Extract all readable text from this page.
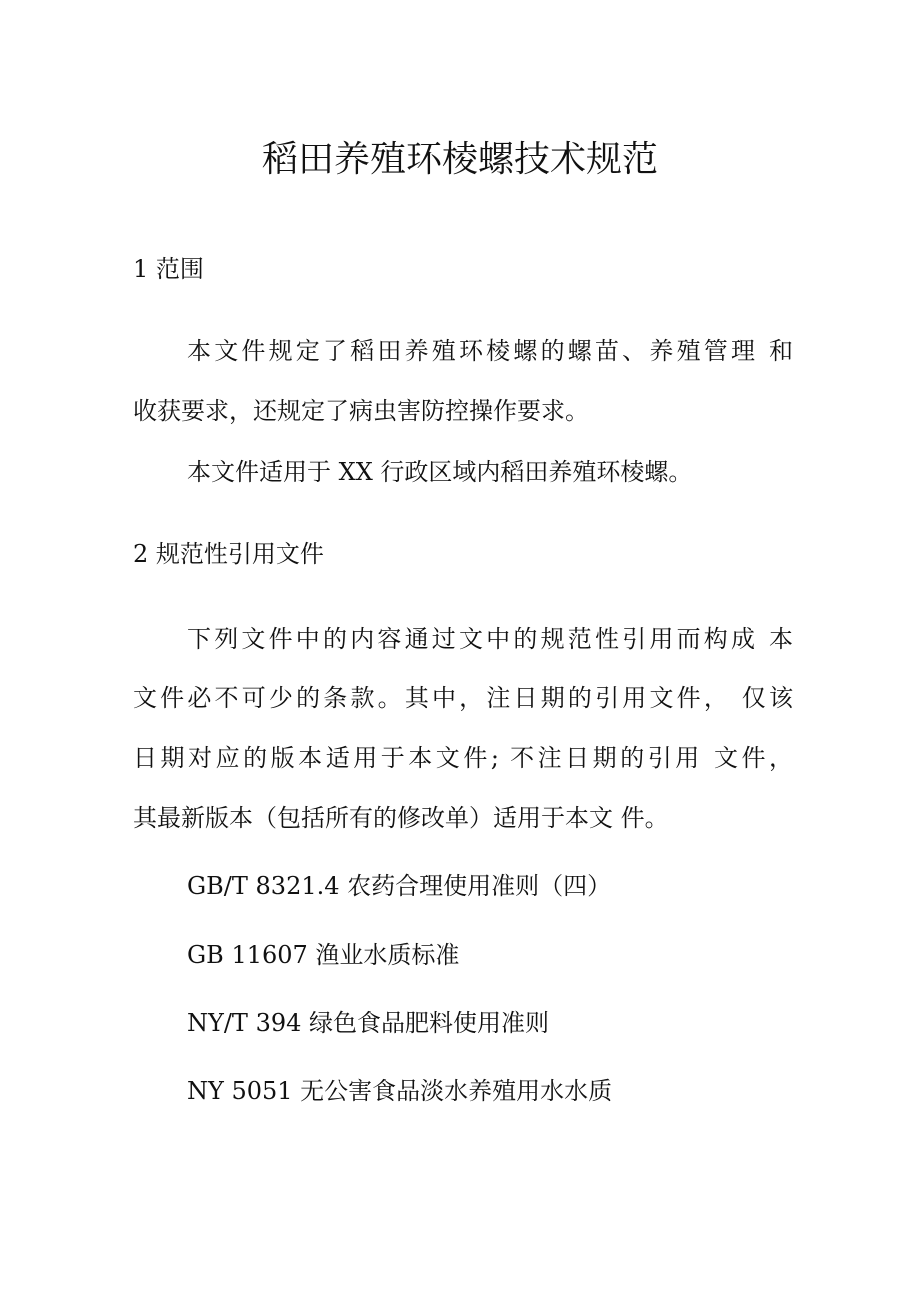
稻田养殖环棱螺技术规范
1 范围
本文件规定了稻田养殖环棱螺的螺苗、养殖管理 和
收获要求，还规定了病虫害防控操作要求。
本文件适用于 XX 行政区域内稻田养殖环棱螺。
2 规范性引用文件
下列文件中的内容通过文中的规范性引用而构成 本
文件必不可少的条款。其中，注日期的引用文件， 仅该
日期对应的版本适用于本文件; 不注日期的引用 文件，
其最新版本（包括所有的修改单）适用于本文 件。
GB/T 8321.4 农药合理使用准则（四）
GB 11607 渔业水质标准
NY/T 394 绿色食品肥料使用准则
NY 5051 无公害食品淡水养殖用水水质
